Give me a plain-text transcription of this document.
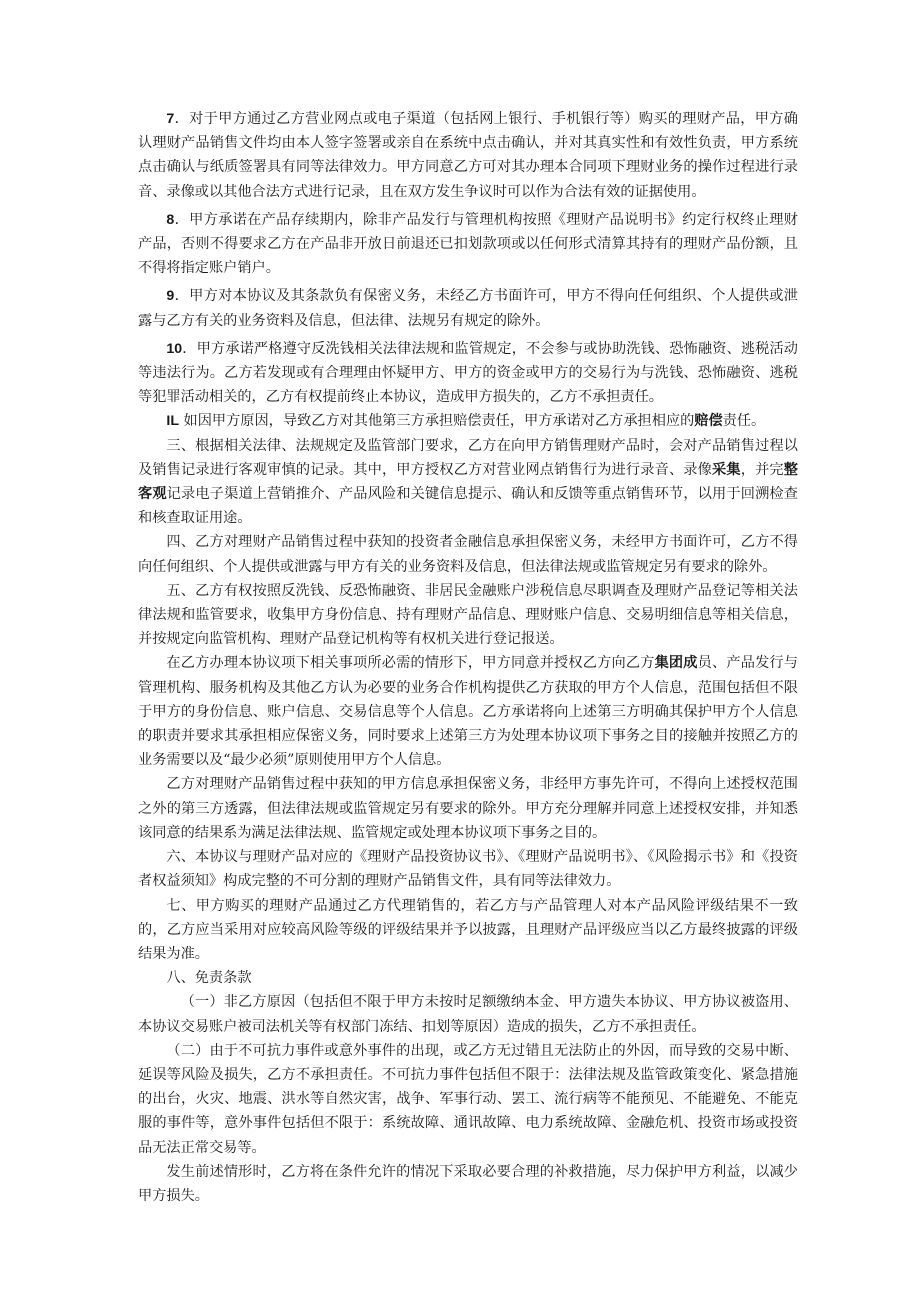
7．对于甲方通过乙方营业网点或电子渠道（包括网上银行、手机银行等）购买的理财产品，甲方确认理财产品销售文件均由本人签字签署或亲自在系统中点击确认，并对其真实性和有效性负责，甲方系统点击确认与纸质签署具有同等法律效力。甲方同意乙方可对其办理本合同项下理财业务的操作过程进行录音、录像或以其他合法方式进行记录，且在双方发生争议时可以作为合法有效的证据使用。

8．甲方承诺在产品存续期内，除非产品发行与管理机构按照《理财产品说明书》约定行权终止理财产品，否则不得要求乙方在产品非开放日前退还已扣划款项或以任何形式清算其持有的理财产品份额，且不得将指定账户销户。

9．甲方对本协议及其条款负有保密义务，未经乙方书面许可，甲方不得向任何组织、个人提供或泄露与乙方有关的业务资料及信息，但法律、法规另有规定的除外。

10．甲方承诺严格遵守反洗钱相关法律法规和监管规定，不会参与或协助洗钱、恐怖融资、逃税活动等违法行为。乙方若发现或有合理理由怀疑甲方、甲方的资金或甲方的交易行为与洗钱、恐怖融资、逃税等犯罪活动相关的，乙方有权提前终止本协议，造成甲方损失的，乙方不承担责任。

IL 如因甲方原因，导致乙方对其他第三方承担赔偿责任，甲方承诺对乙方承担相应的赔偿责任。

三、根据相关法律、法规规定及监管部门要求，乙方在向甲方销售理财产品时，会对产品销售过程以及销售记录进行客观审慎的记录。其中，甲方授权乙方对营业网点销售行为进行录音、录像采集，并完整客观记录电子渠道上营销推介、产品风险和关键信息提示、确认和反馈等重点销售环节，以用于回溯检查和核查取证用途。

四、乙方对理财产品销售过程中获知的投资者金融信息承担保密义务，未经甲方书面许可，乙方不得向任何组织、个人提供或泄露与甲方有关的业务资料及信息，但法律法规或监管规定另有要求的除外。

五、乙方有权按照反洗钱、反恐怖融资、非居民金融账户涉税信息尽职调查及理财产品登记等相关法律法规和监管要求，收集甲方身份信息、持有理财产品信息、理财账户信息、交易明细信息等相关信息，并按规定向监管机构、理财产品登记机构等有权机关进行登记报送。

在乙方办理本协议项下相关事项所必需的情形下，甲方同意并授权乙方向乙方集团成员、产品发行与管理机构、服务机构及其他乙方认为必要的业务合作机构提供乙方获取的甲方个人信息，范围包括但不限于甲方的身份信息、账户信息、交易信息等个人信息。乙方承诺将向上述第三方明确其保护甲方个人信息的职责并要求其承担相应保密义务，同时要求上述第三方为处理本协议项下事务之目的接触并按照乙方的业务需要以及“最少必须”原则使用甲方个人信息。

乙方对理财产品销售过程中获知的甲方信息承担保密义务，非经甲方事先许可，不得向上述授权范围之外的第三方透露，但法律法规或监管规定另有要求的除外。甲方充分理解并同意上述授权安排，并知悉该同意的结果系为满足法律法规、监管规定或处理本协议项下事务之目的。

六、本协议与理财产品对应的《理财产品投资协议书》、《理财产品说明书》、《风险揭示书》和《投资者权益须知》构成完整的不可分割的理财产品销售文件，具有同等法律效力。

七、甲方购买的理财产品通过乙方代理销售的，若乙方与产品管理人对本产品风险评级结果不一致的，乙方应当采用对应较高风险等级的评级结果并予以披露，且理财产品评级应当以乙方最终披露的评级结果为准。

八、免责条款

（一）非乙方原因（包括但不限于甲方未按时足额缴纳本金、甲方遗失本协议、甲方协议被盗用、本协议交易账户被司法机关等有权部门冻结、扣划等原因）造成的损失，乙方不承担责任。

（二）由于不可抗力事件或意外事件的出现，或乙方无过错且无法防止的外因，而导致的交易中断、延误等风险及损失，乙方不承担责任。不可抗力事件包括但不限于：法律法规及监管政策变化、紧急措施的出台，火灾、地震、洪水等自然灾害，战争、军事行动、罢工、流行病等不能预见、不能避免、不能克服的事件等，意外事件包括但不限于：系统故障、通讯故障、电力系统故障、金融危机、投资市场或投资品无法正常交易等。

发生前述情形时，乙方将在条件允许的情况下采取必要合理的补救措施，尽力保护甲方利益，以减少甲方损失。
